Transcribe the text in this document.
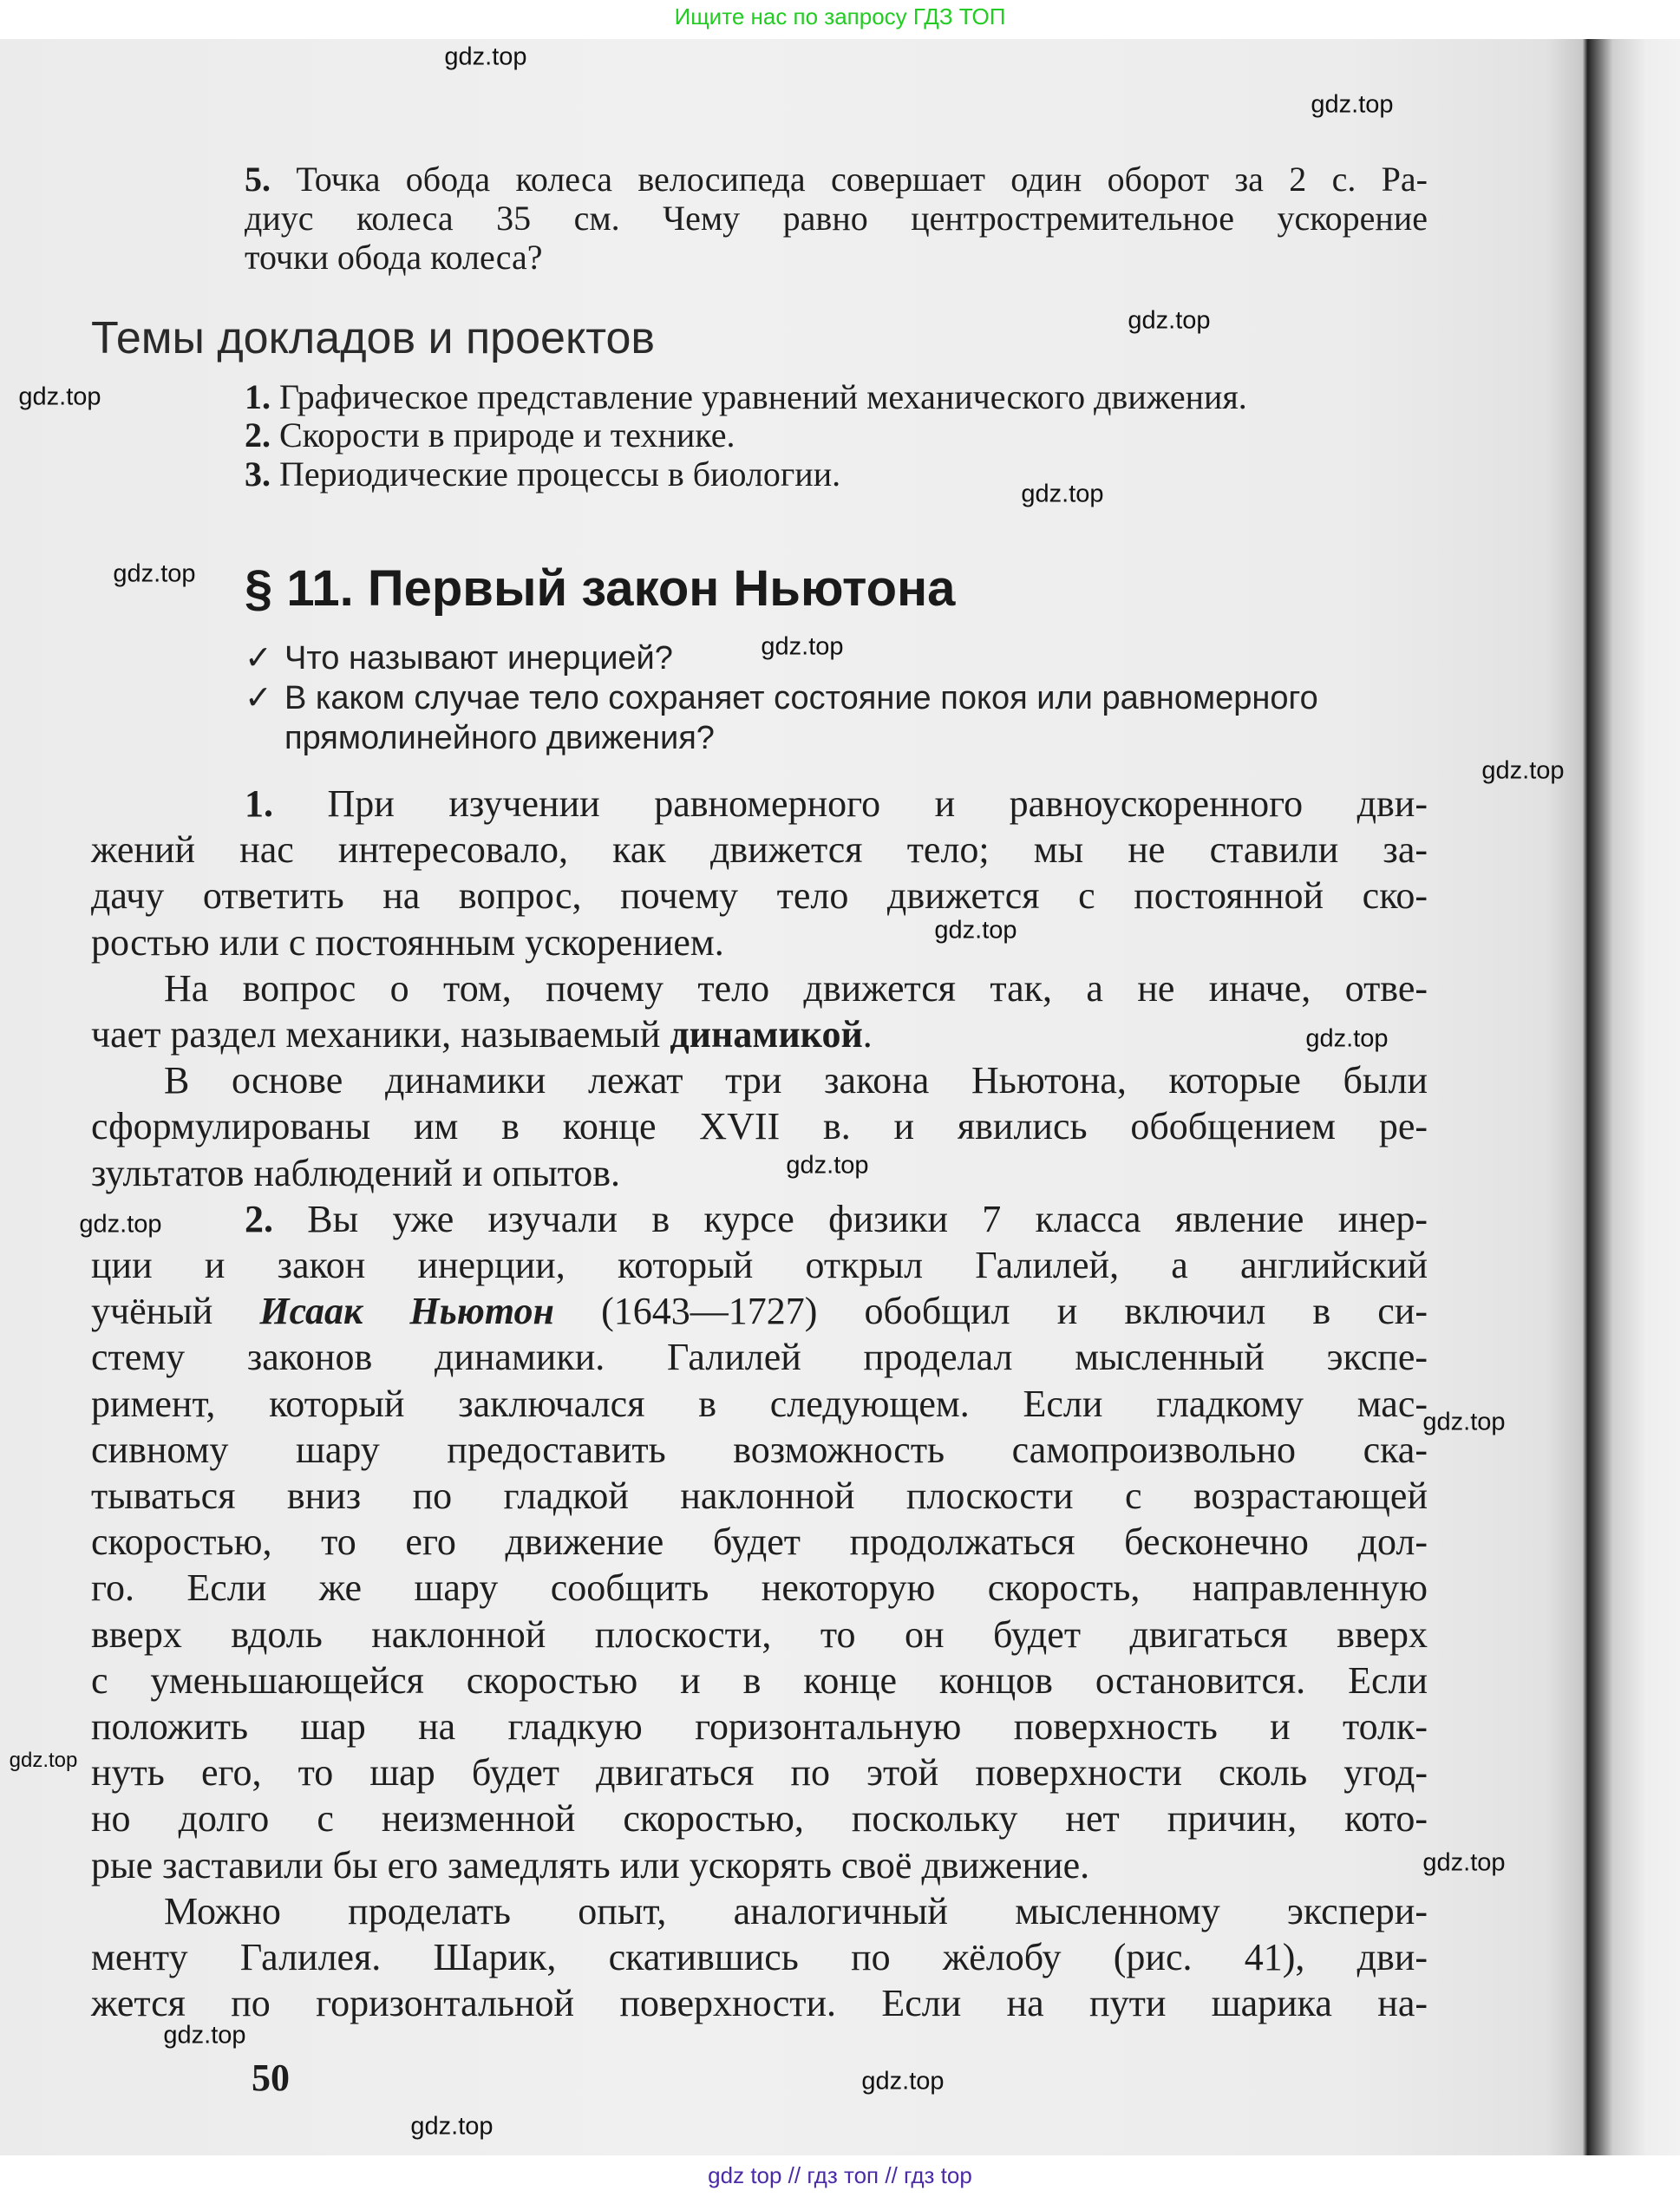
Ищите нас по запросу ГДЗ ТОП
5. Точка обода колеса велосипеда совершает один оборот за 2 с. Ра-
диус колеса 35 см. Чему равно центростремительное ускорение
точки обода колеса?
Темы докладов и проектов
1. Графическое представление уравнений механического движения.
2. Скорости в природе и технике.
3. Периодические процессы в биологии.
§ 11. Первый закон Ньютона
✓ Что называют инерцией?
✓ В каком случае тело сохраняет состояние покоя или равномерного
прямолинейного движения?
1. При изучении равномерного и равноускоренного дви-
жений нас интересовало, как движется тело; мы не ставили за-
дачу ответить на вопрос, почему тело движется с постоянной ско-
ростью или с постоянным ускорением.
На вопрос о том, почему тело движется так, а не иначе, отве-
чает раздел механики, называемый динамикой.
В основе динамики лежат три закона Ньютона, которые были
сформулированы им в конце XVII в. и явились обобщением ре-
зультатов наблюдений и опытов.
2. Вы уже изучали в курсе физики 7 класса явление инер-
ции и закон инерции, который открыл Галилей, а английский
учёный Исаак Ньютон (1643—1727) обобщил и включил в си-
стему законов динамики. Галилей проделал мысленный экспе-
римент, который заключался в следующем. Если гладкому мас-
сивному шару предоставить возможность самопроизвольно ска-
тываться вниз по гладкой наклонной плоскости с возрастающей
скоростью, то его движение будет продолжаться бесконечно дол-
го. Если же шару сообщить некоторую скорость, направленную
вверх вдоль наклонной плоскости, то он будет двигаться вверх
с уменьшающейся скоростью и в конце концов остановится. Если
положить шар на гладкую горизонтальную поверхность и толк-
нуть его, то шар будет двигаться по этой поверхности сколь угод-
но долго с неизменной скоростью, поскольку нет причин, кото-
рые заставили бы его замедлять или ускорять своё движение.
Можно проделать опыт, аналогичный мысленному экспери-
менту Галилея. Шарик, скатившись по жёлобу (рис. 41), дви-
жется по горизонтальной поверхности. Если на пути шарика на-
50
gdz.top
gdz.top
gdz.top
gdz.top
gdz.top
gdz.top
gdz.top
gdz.top
gdz.top
gdz.top
gdz.top
gdz.top
gdz.top
gdz.top
gdz.top
gdz.top
gdz.top
gdz.top
gdz top // гдз топ // гдз top
